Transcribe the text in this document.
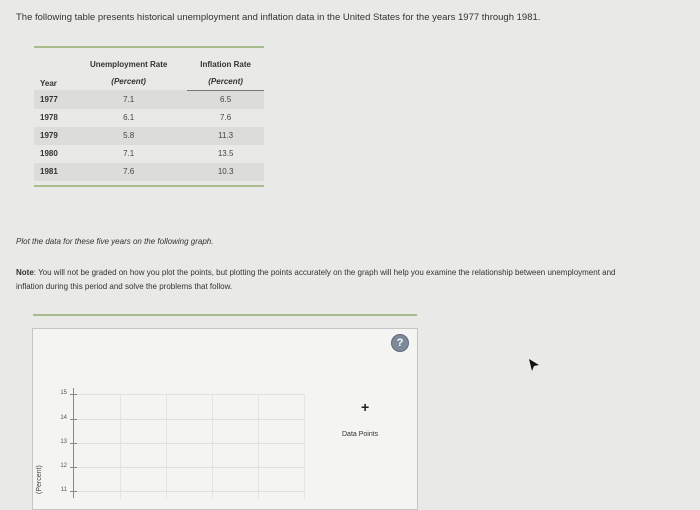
The following table presents historical unemployment and inflation data in the United States for the years 1977 through 1981.
Year	Unemployment Rate	Inflation Rate
	(Percent)	(Percent)
1977	7.1	6.5
1978	6.1	7.6
1979	5.8	11.3
1980	7.1	13.5
1981	7.6	10.3
Plot the data for these five years on the following graph.
Note: You will not be graded on how you plot the points, but plotting the points accurately on the graph will help you examine the relationship between unemployment and inflation during this period and solve the problems that follow.
?
15
14
13
12
11
(Percent)
+
Data Points
